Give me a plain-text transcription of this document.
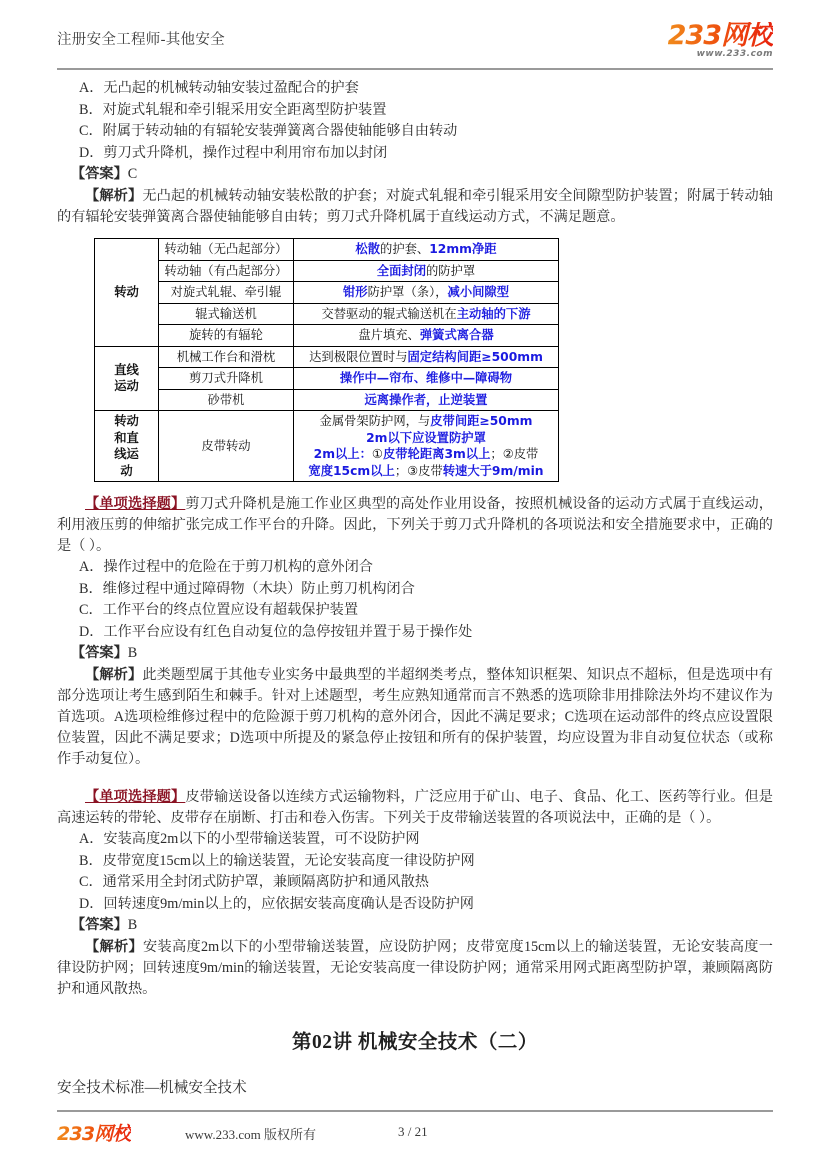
注册安全工程师-其他安全	233网校
www.233.com
A．无凸起的机械转动轴安装过盈配合的护套
B．对旋式轧辊和牵引辊采用安全距离型防护装置
C．附属于转动轴的有辐轮安装弹簧离合器使轴能够自由转动
D．剪刀式升降机，操作过程中利用帘布加以封闭
【答案】C
【解析】无凸起的机械转动轴安装松散的护套；对旋式轧辊和牵引辊采用安全间隙型防护装置；附属于转动轴的有辐轮安装弹簧离合器使轴能够自由转；剪刀式升降机属于直线运动方式，不满足题意。
转动	转动轴（无凸起部分）	松散的护套、12mm净距
	转动轴（有凸起部分）	全面封闭的防护罩
	对旋式轧辊、牵引辊	钳形防护罩（条），减小间隙型
	辊式输送机	交替驱动的辊式输送机在主动轴的下游
	旋转的有辐轮	盘片填充、弹簧式离合器
直线
运动	机械工作台和滑枕	达到极限位置时与固定结构间距≥500mm
	剪刀式升降机	操作中—帘布、维修中—障碍物
	砂带机	远离操作者，止逆装置
转动
和直
线运
动	皮带转动	金属骨架防护网，与皮带间距≥50mm
2m以下应设置防护罩
2m以上：①皮带轮距离3m以上；②皮带
宽度15cm以上；③皮带转速大于9m/min
【单项选择题】剪刀式升降机是施工作业区典型的高处作业用设备，按照机械设备的运动方式属于直线运动，利用液压剪的伸缩扩张完成工作平台的升降。因此，下列关于剪刀式升降机的各项说法和安全措施要求中，正确的是（ ）。
A．操作过程中的危险在于剪刀机构的意外闭合
B．维修过程中通过障碍物（木块）防止剪刀机构闭合
C．工作平台的终点位置应设有超载保护装置
D．工作平台应设有红色自动复位的急停按钮并置于易于操作处
【答案】B
【解析】此类题型属于其他专业实务中最典型的半超纲类考点，整体知识框架、知识点不超标，但是选项中有部分选项让考生感到陌生和棘手。针对上述题型，考生应熟知通常而言不熟悉的选项除非用排除法外均不建议作为首选项。A选项检维修过程中的危险源于剪刀机构的意外闭合，因此不满足要求；C选项在运动部件的终点应设置限位装置，因此不满足要求；D选项中所提及的紧急停止按钮和所有的保护装置，均应设置为非自动复位状态（或称作手动复位）。
【单项选择题】皮带输送设备以连续方式运输物料，广泛应用于矿山、电子、食品、化工、医药等行业。但是高速运转的带轮、皮带存在崩断、打击和卷入伤害。下列关于皮带输送装置的各项说法中，正确的是（ ）。
A．安装高度2m以下的小型带输送装置，可不设防护网
B．皮带宽度15cm以上的输送装置，无论安装高度一律设防护网
C．通常采用全封闭式防护罩，兼顾隔离防护和通风散热
D．回转速度9m/min以上的，应依据安装高度确认是否设防护网
【答案】B
【解析】安装高度2m以下的小型带输送装置，应设防护网；皮带宽度15cm以上的输送装置，无论安装高度一律设防护网；回转速度9m/min的输送装置，无论安装高度一律设防护网；通常采用网式距离型防护罩，兼顾隔离防护和通风散热。
第02讲 机械安全技术（二）
安全技术标准—机械安全技术
233网校	www.233.com 版权所有	3 / 21
